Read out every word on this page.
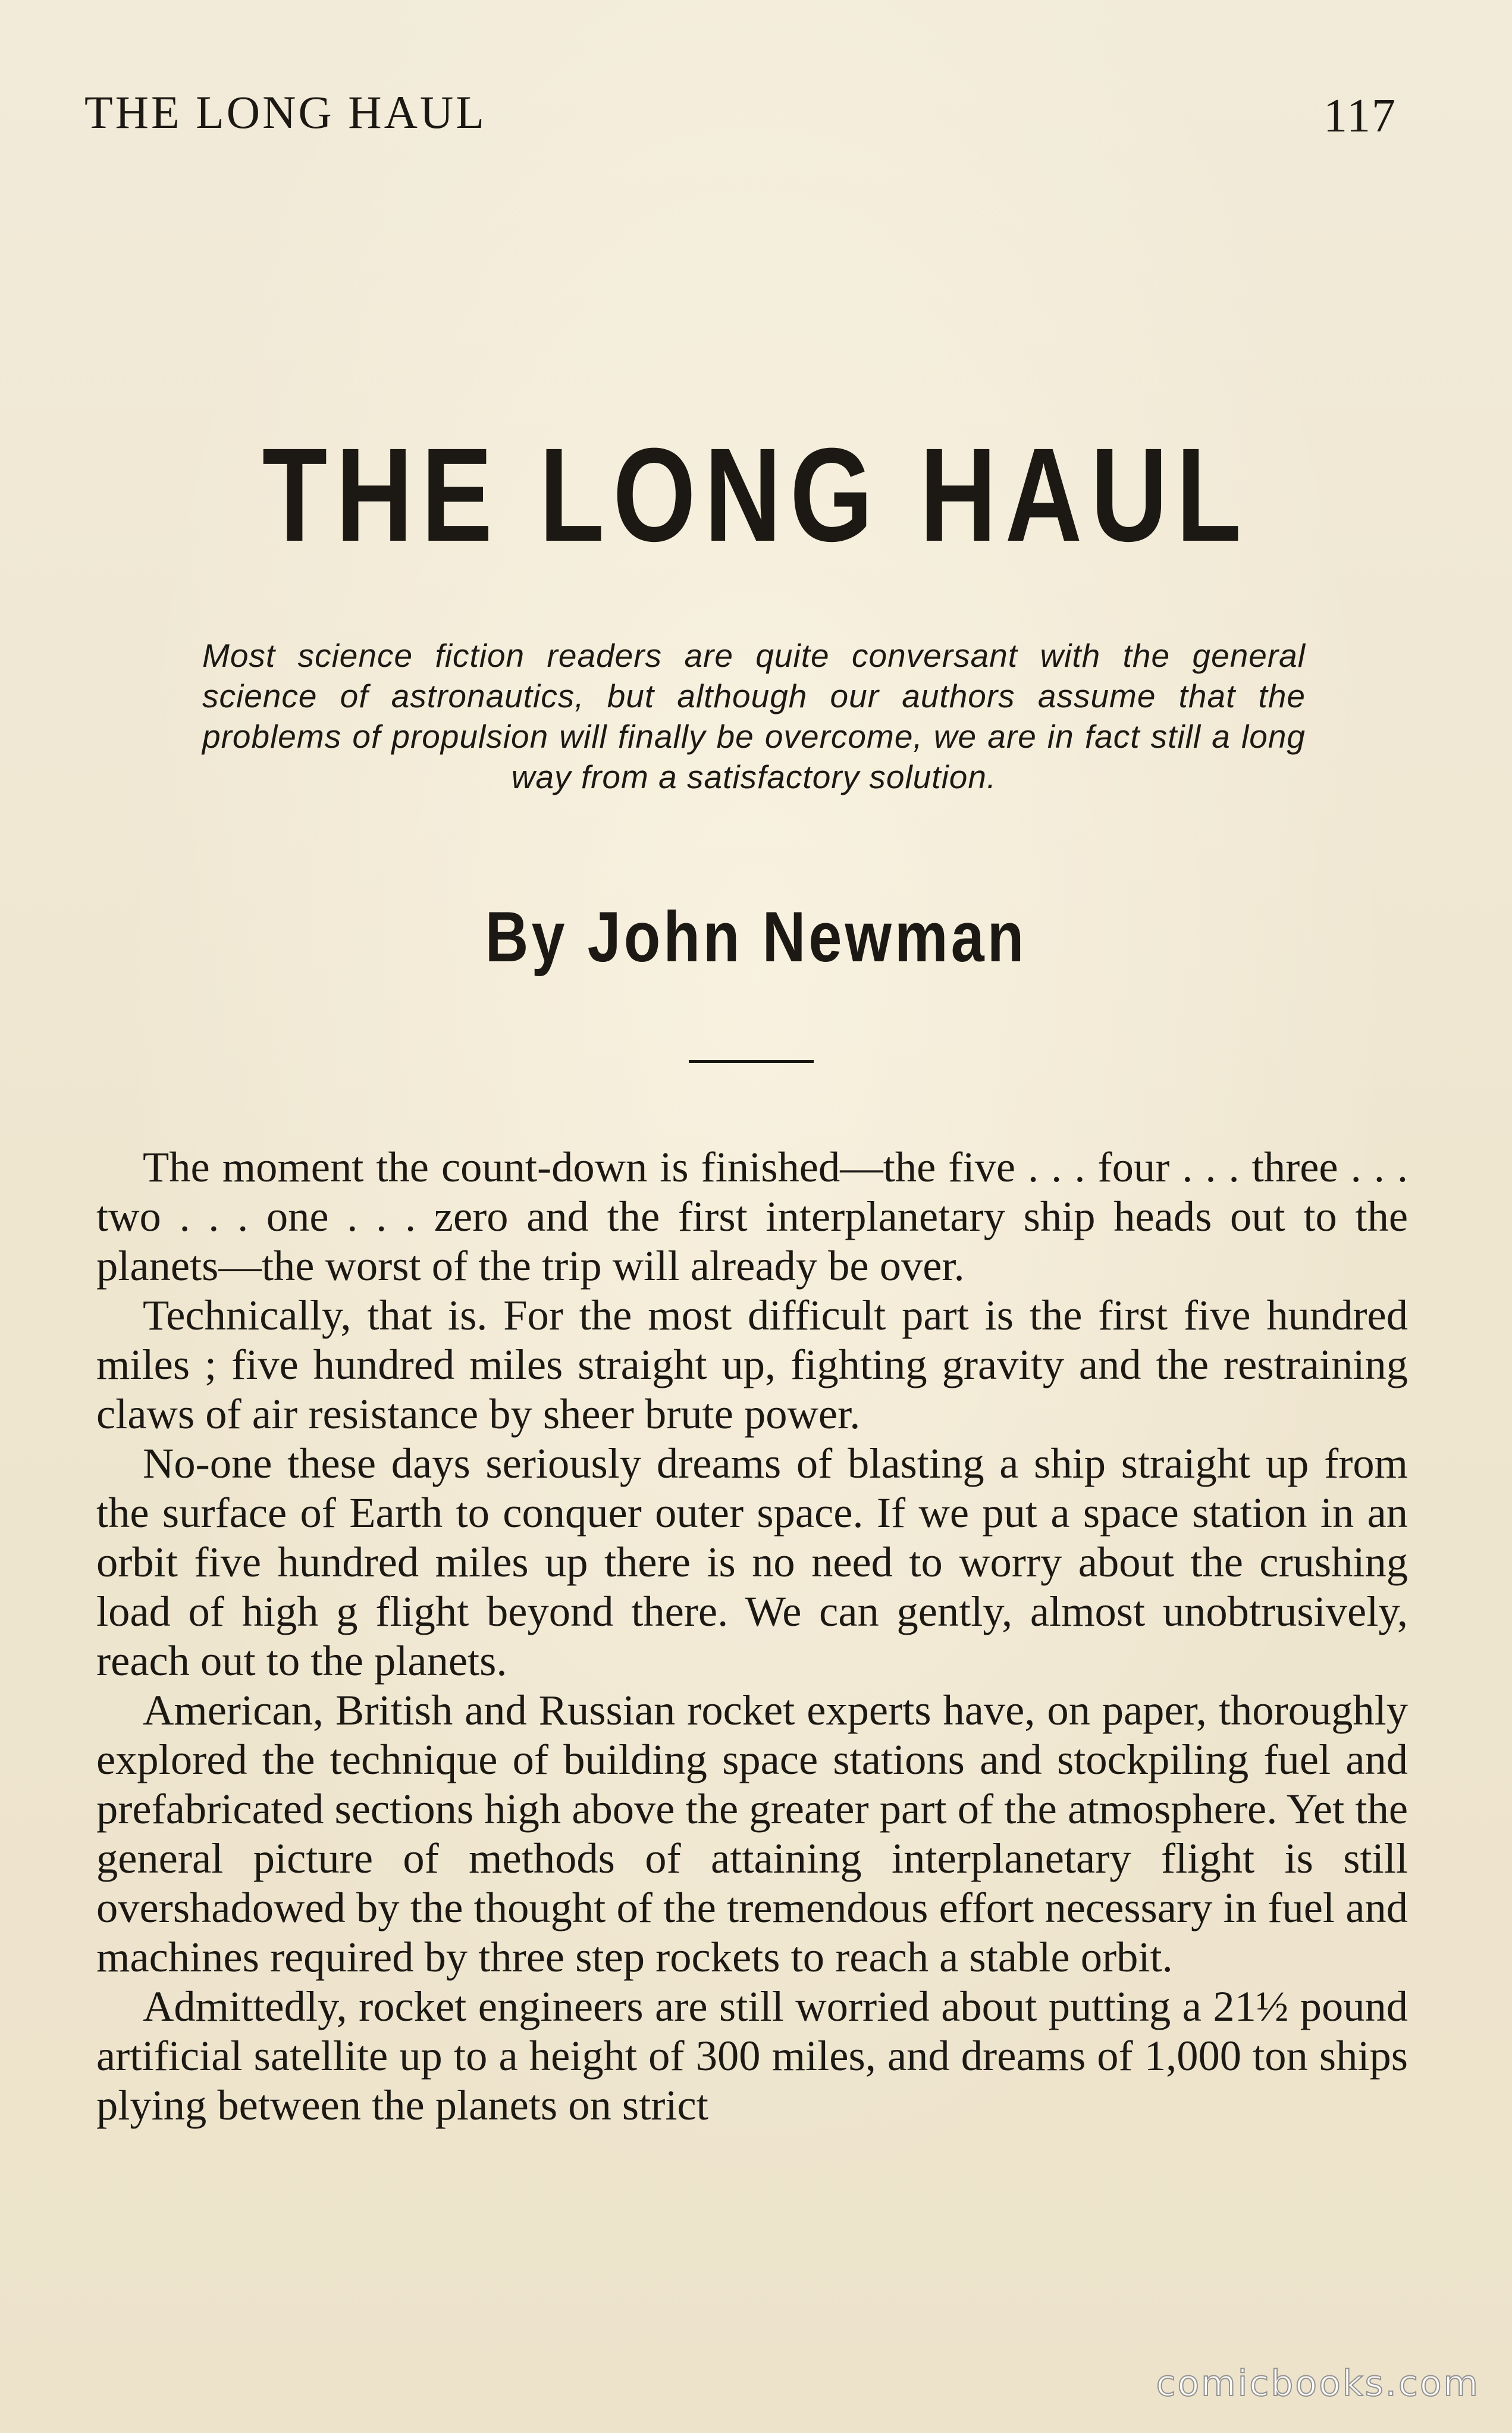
THE LONG HAUL	117
THE LONG HAUL
Most science fiction readers are quite conversant with the general science of astronautics, but although our authors assume that the problems of propulsion will finally be overcome, we are in fact still a long way from a satisfactory solution.
By John Newman

The moment the count-down is finished—the five . . . four . . . three . . . two . . . one . . . zero and the first interplanetary ship heads out to the planets—the worst of the trip will already be over.

Technically, that is. For the most difficult part is the first five hundred miles ; five hundred miles straight up, fighting gravity and the restraining claws of air resistance by sheer brute power.

No-one these days seriously dreams of blasting a ship straight up from the surface of Earth to conquer outer space. If we put a space station in an orbit five hundred miles up there is no need to worry about the crushing load of high g flight beyond there. We can gently, almost unobtrusively, reach out to the planets.

American, British and Russian rocket experts have, on paper, thoroughly explored the technique of building space stations and stockpiling fuel and prefabricated sections high above the greater part of the atmosphere. Yet the general picture of methods of attaining interplanetary flight is still overshadowed by the thought of the tremendous effort necessary in fuel and machines required by three step rockets to reach a stable orbit.

Admittedly, rocket engineers are still worried about putting a 21½ pound artificial satellite up to a height of 300 miles, and dreams of 1,000 ton ships plying between the planets on strict

comicbooks.com
